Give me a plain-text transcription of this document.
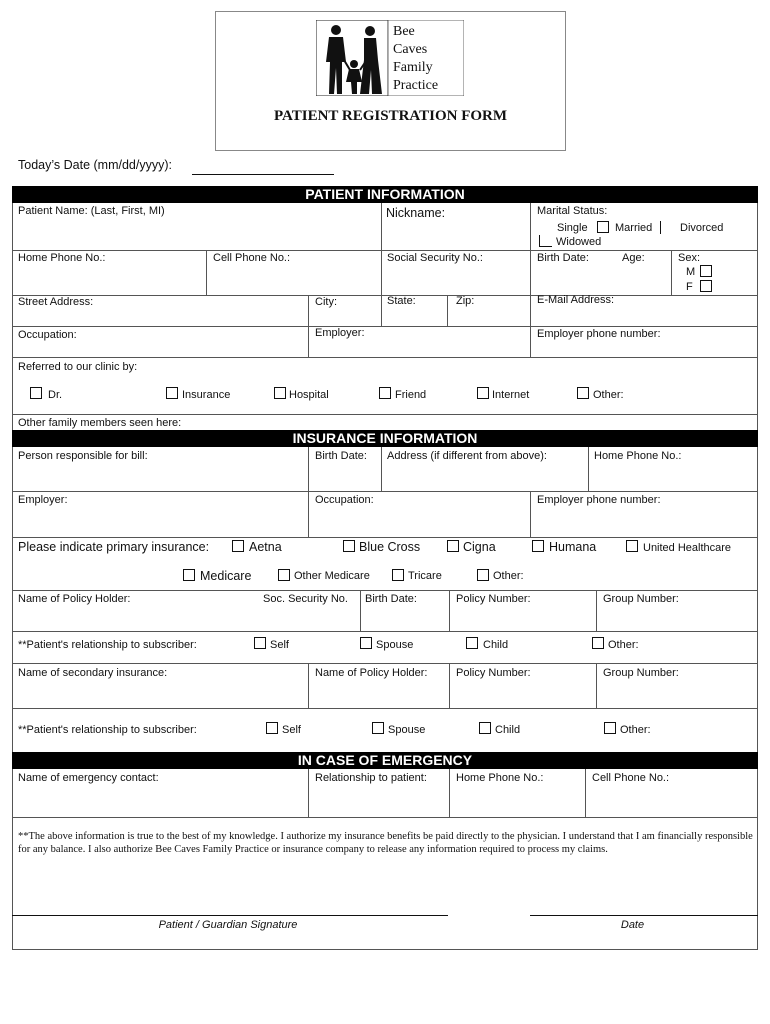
Bee
Caves
Family
Practice
PATIENT REGISTRATION FORM
Today’s Date (mm/dd/yyyy):
PATIENT INFORMATION
Patient Name: (Last, First, MI)	Nickname:	Marital Status:
Single Married	Divorced
Widowed
Home Phone No.:	Cell Phone No.:	Social Security No.:	Birth Date:	Age:	Sex:
M
F
Street Address:	City:	State:	Zip:	E-Mail Address:
Occupation:	Employer:	Employer phone number:
Referred to our clinic by:
Dr.	Insurance	Hospital	Friend	Internet	Other:
Other family members seen here:
INSURANCE INFORMATION
Person responsible for bill:	Birth Date: Address (if different from above):	Home Phone No.:
Employer:	Occupation:	Employer phone number:
Please indicate primary insurance:	Aetna	Blue Cross	Cigna	Humana	United Healthcare
Medicare	Other Medicare	Tricare	Other:
Name of Policy Holder:	Soc. Security No. Birth Date:	Policy Number:	Group Number:
**Patient's relationship to subscriber:	Self	Spouse	Child	Other:
Name of secondary insurance:	Name of Policy Holder:	Policy Number:	Group Number:
**Patient's relationship to subscriber:	Self	Spouse	Child	Other:
IN CASE OF EMERGENCY
Name of emergency contact:	Relationship to patient:	Home Phone No.:	Cell Phone No.:
**The above information is true to the best of my knowledge. I authorize my insurance benefits be paid directly to the physician. I understand that I am financially responsible for any balance. I also authorize Bee Caves Family Practice or insurance company to release any information required to process my claims.
Patient / Guardian Signature	Date
